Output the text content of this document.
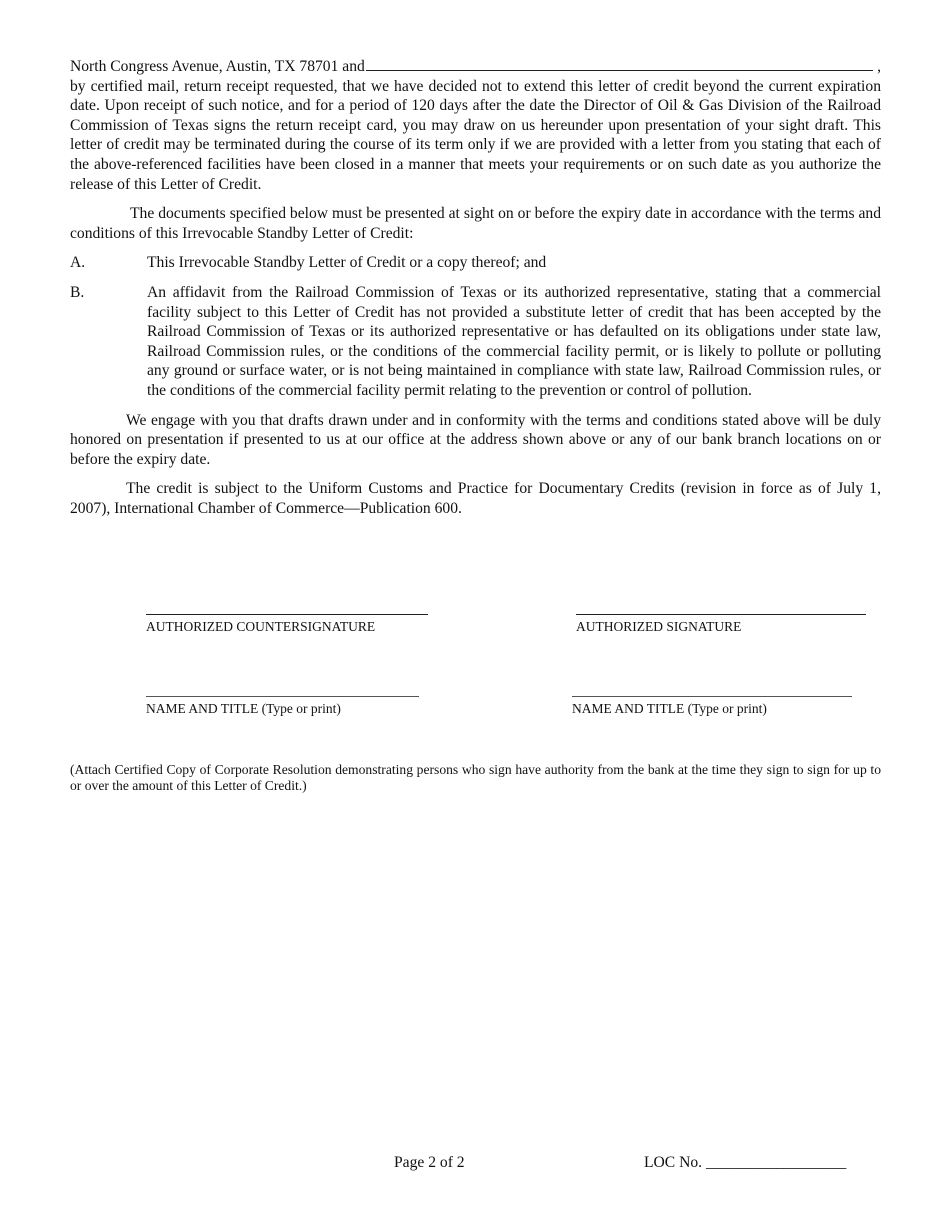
North Congress Avenue, Austin, TX 78701 and	,

by certified mail, return receipt requested, that we have decided not to extend this letter of credit beyond the current expiration date. Upon receipt of such notice, and for a period of 120 days after the date the Director of Oil & Gas Division of the Railroad Commission of Texas signs the return receipt card, you may draw on us hereunder upon presentation of your sight draft. This letter of credit may be terminated during the course of its term only if we are provided with a letter from you stating that each of the above-referenced facilities have been closed in a manner that meets your requirements or on such date as you authorize the release of this Letter of Credit.

The documents specified below must be presented at sight on or before the expiry date in accordance with the terms and conditions of this Irrevocable Standby Letter of Credit:

A.	This Irrevocable Standby Letter of Credit or a copy thereof; and
B.	An affidavit from the Railroad Commission of Texas or its authorized representative, stating that a commercial facility subject to this Letter of Credit has not provided a substitute letter of credit that has been accepted by the Railroad Commission of Texas or its authorized representative or has defaulted on its obligations under state law, Railroad Commission rules, or the conditions of the commercial facility permit, or is likely to pollute or polluting any ground or surface water, or is not being maintained in compliance with state law, Railroad Commission rules, or the conditions of the commercial facility permit relating to the prevention or control of pollution.

We engage with you that drafts drawn under and in conformity with the terms and conditions stated above will be duly honored on presentation if presented to us at our office at the address shown above or any of our bank branch locations on or before the expiry date.

The credit is subject to the Uniform Customs and Practice for Documentary Credits (revision in force as of July 1, 2007), International Chamber of Commerce—Publication 600.

AUTHORIZED COUNTERSIGNATURE	AUTHORIZED SIGNATURE
NAME AND TITLE (Type or print)	NAME AND TITLE (Type or print)
(Attach Certified Copy of Corporate Resolution demonstrating persons who sign have authority from the bank at the time they sign to sign for up to or over the amount of this Letter of Credit.)
Page 2 of 2	LOC No. __________________
